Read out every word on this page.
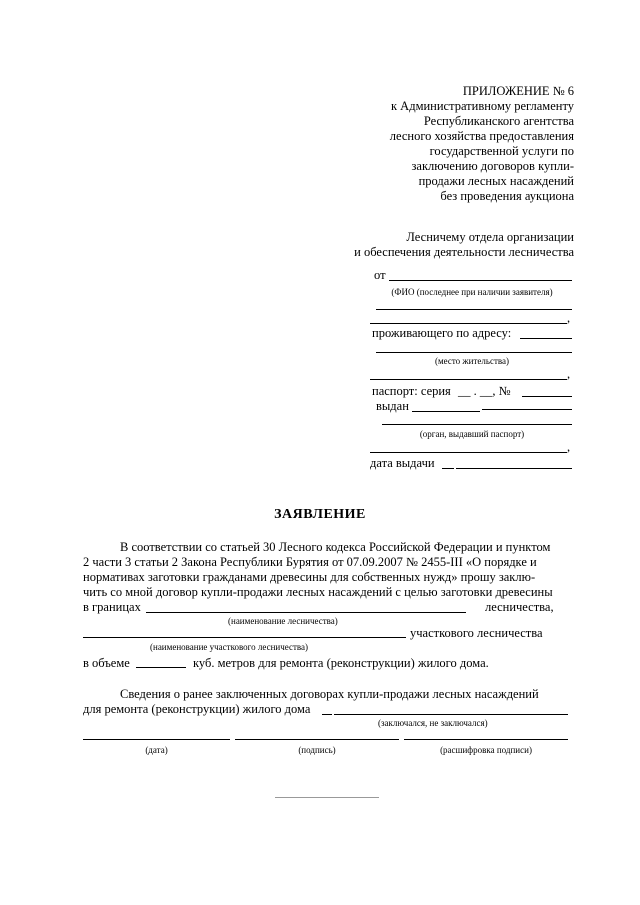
ПРИЛОЖЕНИЕ № 6
к Административному регламенту
Республиканского агентства
лесного хозяйства предоставления
государственной услуги по
заключению договоров купли-
продажи лесных насаждений
без проведения аукциона
Лесничему отдела организации
и обеспечения деятельности лесничества
от
(ФИО (последнее при наличии заявителя)
,
проживающего по адресу:
(место жительства)
,
паспорт: серия __ . __, №
выдан
(орган, выдавший паспорт)
,
дата выдачи
ЗАЯВЛЕНИЕ
В соответствии со статьей 30 Лесного кодекса Российской Федерации и пунктом
2 части 3 статьи 2 Закона Республики Бурятия от 07.09.2007 № 2455-III «О порядке и
нормативах заготовки гражданами древесины для собственных нужд» прошу заклю-
чить со мной договор купли-продажи лесных насаждений с целью заготовки древесины
в границах	лесничества,
(наименование лесничества)
участкового лесничества
(наименование участкового лесничества)
в объеме	куб. метров для ремонта (реконструкции) жилого дома.
Сведения о ранее заключенных договорах купли-продажи лесных насаждений
для ремонта (реконструкции) жилого дома
(заключался, не заключался)
(дата)	(подпись)	(расшифровка подписи)
